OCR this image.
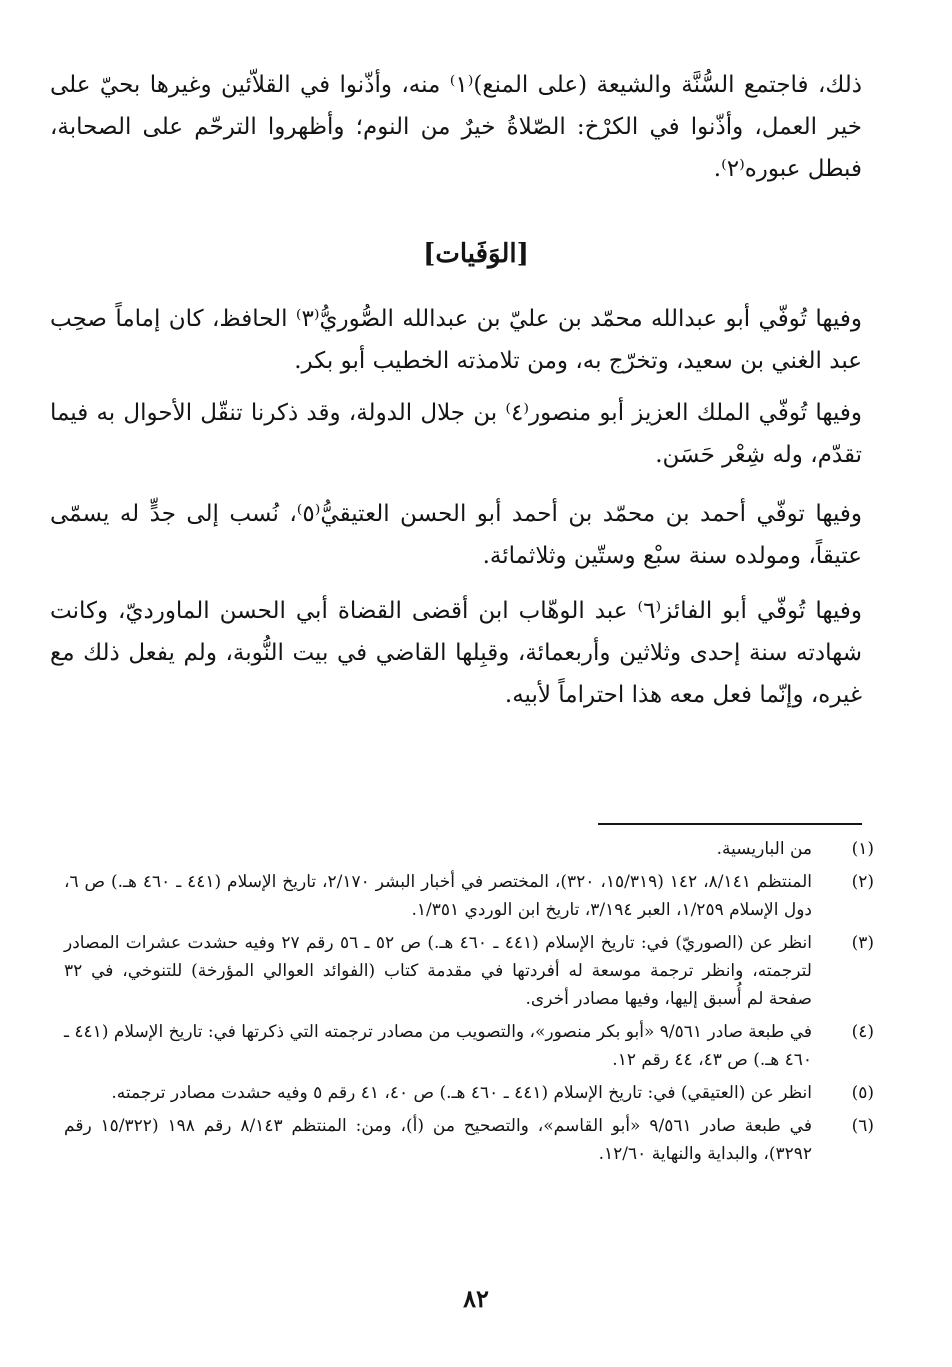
ذلك، فاجتمع السُّنَّة والشيعة (على المنع)⁽١⁾ منه، وأذّنوا في القلاّئين وغيرها بحيّ على خير العمل، وأذّنوا في الكرْخ: الصّلاةُ خيرٌ من النوم؛ وأظهروا الترحّم على الصحابة، فبطل عبوره⁽٢⁾.

[الوَفَيات]

وفيها تُوفّي أبو عبدالله محمّد بن عليّ بن عبدالله الصُّوريُّ⁽٣⁾ الحافظ، كان إماماً صحِب عبد الغني بن سعيد، وتخرّج به، ومن تلامذته الخطيب أبو بكر.

وفيها تُوفّي الملك العزيز أبو منصور⁽٤⁾ بن جلال الدولة، وقد ذكرنا تنقّل الأحوال به فيما تقدّم، وله شِعْر حَسَن.

وفيها توفّي أحمد بن محمّد بن أحمد أبو الحسن العتيقيُّ⁽٥⁾، نُسب إلى جدٍّ له يسمّى عتيقاً، ومولده سنة سبْع وستّين وثلاثمائة.

وفيها تُوفّي أبو الفائز⁽٦⁾ عبد الوهّاب ابن أقضى القضاة أبي الحسن الماورديّ، وكانت شهادته سنة إحدى وثلاثين وأربعمائة، وقبِلها القاضي في بيت النُّوبة، ولم يفعل ذلك مع غيره، وإنّما فعل معه هذا احتراماً لأبيه.

(١)
من الباريسية.
(٢)
المنتظم ٨/١٤١، ١٤٢ (١٥/٣١٩، ٣٢٠)، المختصر في أخبار البشر ٢/١٧٠، تاريخ الإسلام (٤٤١ ـ ٤٦٠ هـ.) ص ٦، دول الإسلام ١/٢٥٩، العبر ٣/١٩٤، تاريخ ابن الوردي ١/٣٥١.
(٣)
انظر عن (الصوريّ) في: تاريخ الإسلام (٤٤١ ـ ٤٦٠ هـ.) ص ٥٢ ـ ٥٦ رقم ٢٧ وفيه حشدت عشرات المصادر لترجمته، وانظر ترجمة موسعة له أفردتها في مقدمة كتاب (الفوائد العوالي المؤرخة) للتنوخي، في ٣٢ صفحة لم أُسبق إليها، وفيها مصادر أخرى.
(٤)
في طبعة صادر ٩/٥٦١ «أبو بكر منصور»، والتصويب من مصادر ترجمته التي ذكرتها في: تاريخ الإسلام (٤٤١ ـ ٤٦٠ هـ.) ص ٤٣، ٤٤ رقم ١٢.
(٥)
انظر عن (العتيقي) في: تاريخ الإسلام (٤٤١ ـ ٤٦٠ هـ.) ص ٤٠، ٤١ رقم ٥ وفيه حشدت مصادر ترجمته.
(٦)
في طبعة صادر ٩/٥٦١ «أبو القاسم»، والتصحيح من (أ)، ومن: المنتظم ٨/١٤٣ رقم ١٩٨ (١٥/٣٢٢ رقم ٣٢٩٢)، والبداية والنهاية ١٢/٦٠.
٨٢
